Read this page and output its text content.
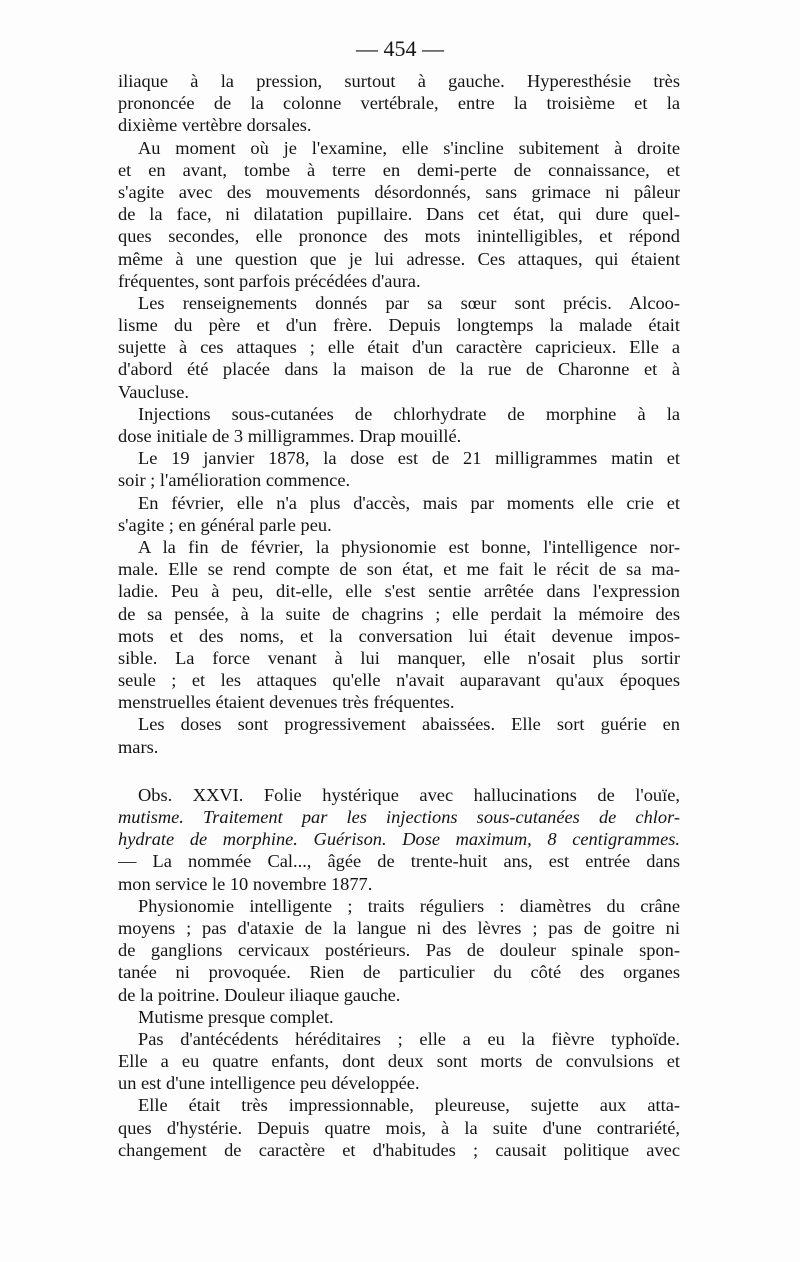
— 454 —
iliaque à la pression, surtout à gauche. Hyperesthésie très
prononcée de la colonne vertébrale, entre la troisième et la
dixième vertèbre dorsales.
Au moment où je l'examine, elle s'incline subitement à droite
et en avant, tombe à terre en demi-perte de connaissance, et
s'agite avec des mouvements désordonnés, sans grimace ni pâleur
de la face, ni dilatation pupillaire. Dans cet état, qui dure quel-
ques secondes, elle prononce des mots inintelligibles, et répond
même à une question que je lui adresse. Ces attaques, qui étaient
fréquentes, sont parfois précédées d'aura.
Les renseignements donnés par sa sœur sont précis. Alcoo-
lisme du père et d'un frère. Depuis longtemps la malade était
sujette à ces attaques ; elle était d'un caractère capricieux. Elle a
d'abord été placée dans la maison de la rue de Charonne et à
Vaucluse.
Injections sous-cutanées de chlorhydrate de morphine à la
dose initiale de 3 milligrammes. Drap mouillé.
Le 19 janvier 1878, la dose est de 21 milligrammes matin et
soir ; l'amélioration commence.
En février, elle n'a plus d'accès, mais par moments elle crie et
s'agite ; en général parle peu.
A la fin de février, la physionomie est bonne, l'intelligence nor-
male. Elle se rend compte de son état, et me fait le récit de sa ma-
ladie. Peu à peu, dit-elle, elle s'est sentie arrêtée dans l'expression
de sa pensée, à la suite de chagrins ; elle perdait la mémoire des
mots et des noms, et la conversation lui était devenue impos-
sible. La force venant à lui manquer, elle n'osait plus sortir
seule ; et les attaques qu'elle n'avait auparavant qu'aux époques
menstruelles étaient devenues très fréquentes.
Les doses sont progressivement abaissées. Elle sort guérie en
mars.
Obs. XXVI. Folie hystérique avec hallucinations de l'ouïe,
mutisme. Traitement par les injections sous-cutanées de chlor-
hydrate de morphine. Guérison. Dose maximum, 8 centigrammes.
— La nommée Cal..., âgée de trente-huit ans, est entrée dans
mon service le 10 novembre 1877.
Physionomie intelligente ; traits réguliers : diamètres du crâne
moyens ; pas d'ataxie de la langue ni des lèvres ; pas de goitre ni
de ganglions cervicaux postérieurs. Pas de douleur spinale spon-
tanée ni provoquée. Rien de particulier du côté des organes
de la poitrine. Douleur iliaque gauche.
Mutisme presque complet.
Pas d'antécédents héréditaires ; elle a eu la fièvre typhoïde.
Elle a eu quatre enfants, dont deux sont morts de convulsions et
un est d'une intelligence peu développée.
Elle était très impressionnable, pleureuse, sujette aux atta-
ques d'hystérie. Depuis quatre mois, à la suite d'une contrariété,
changement de caractère et d'habitudes ; causait politique avec
